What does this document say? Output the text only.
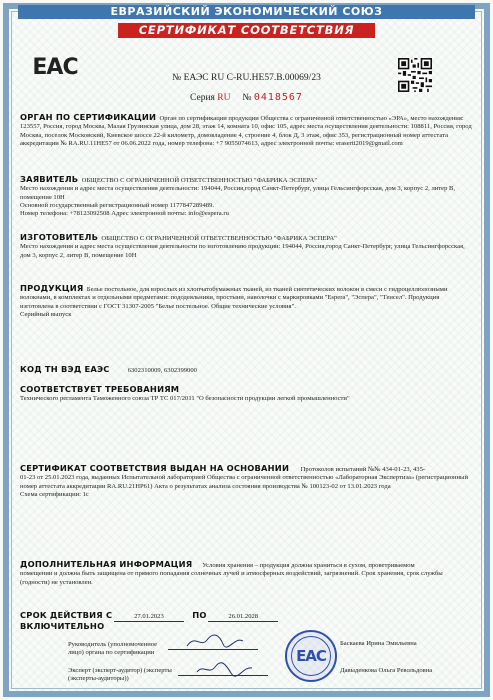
ЕВРАЗИЙСКИЙ ЭКОНОМИЧЕСКИЙ СОЮЗ
СЕРТИФИКАТ СООТВЕТСТВИЯ
EAC	№ ЕАЭС RU С-RU.НЕ57.В.00069/23
Серия RU № 0418567
ОРГАН ПО СЕРТИФИКАЦИИ Орган по сертификации продукции Общества с ограниченной ответственностью «ЭРА», место нахождения: 123557, Россия, город Москва, Малая Грузинская улица, дом 28, этаж 14, комната 10, офис 105, адрес места осуществления деятельности: 108811, Россия, город Москва, поселок Московский, Киевское шоссе 22-й километр, домовладение 4, строение 4, блок Д, 3 этаж, офис 353, регистрационный номер аттестата аккредитации № RA.RU.11НЕ57 от 06.06.2022 года, номер телефона: +7 9055074613, адрес электронной почты: eraserti2019@gmail.com
ЗАЯВИТЕЛЬ ОБЩЕСТВО С ОГРАНИЧЕННОЙ ОТВЕТСТВЕННОСТЬЮ "ФАБРИКА ЭСПЕРА"
Место нахождения и адрес места осуществления деятельности: 194044, Россия,город Санкт-Петербург, улица Гельсингфорсская, дом 3, корпус 2, литер В, помещение 10Н
Основной государственный регистрационный номер 1177847289489.
Номер телефона: +78123092508 Адрес электронной почты: info@espera.ru
ИЗГОТОВИТЕЛЬ ОБЩЕСТВО С ОГРАНИЧЕННОЙ ОТВЕТСТВЕННОСТЬЮ "ФАБРИКА ЭСПЕРА"
Место нахождения и адрес места осуществления деятельности по изготовлению продукции: 194044, Россия,город Санкт-Петербург, улица Гельсингфорсская, дом 3, корпус 2, литер В, помещение 10Н
ПРОДУКЦИЯ Белье постельное, для взрослых из хлопчатобумажных тканей, из тканей синтетических волокон в смеси с гидроцеллюлозными волокнами, в комплектах и отдельными предметами: пододеяльники, простыни, наволочки с маркировками "Espera", "Эспера", "Тенсел". Продукция изготовлена в соответствии с ГОСТ 31307-2005 "Белье постельное. Общие технические условия".
Серийный выпуск
КОД ТН ВЭД ЕАЭС	6302310009, 6302399000
СООТВЕТСТВУЕТ ТРЕБОВАНИЯМ
Технического регламента Таможенного союза ТР ТС 017/2011 "О безопасности продукции легкой промышленности"
СЕРТИФИКАТ СООТВЕТСТВИЯ ВЫДАН НА ОСНОВАНИИ Протоколов испытаний №№ 434-01-23, 435-
01-23 от 25.01.2023 года, выданных Испытательной лабораторией Общества с ограниченной ответственностью «Лабораторная Экспертиза» (регистрационный номер аттестата аккредитации RA.RU.21НР61) Акта о результатах анализа состояния производства № 100123-02 от 13.01.2023 года
Схема сертификации: 1с
ДОПОЛНИТЕЛЬНАЯ ИНФОРМАЦИЯ Условия хранения – продукция должна храниться в сухом, проветриваемом
помещении и должна быть защищена от прямого попадания солнечных лучей и атмосферных воздействий, загрязнений. Срок хранения, срок службы (годности) не установлен.
СРОК ДЕЙСТВИЯ С	27.01.2023	ПО	26.01.2028
ВКЛЮЧИТЕЛЬНО
Руководитель (уполномоченное лицо) органа по сертификации
Баскаева Ирина Эмильевна
Эксперт (эксперт-аудитор) (эксперты (эксперты-аудиторы))
Давыденкова Ольга Револьдовна
EAC
